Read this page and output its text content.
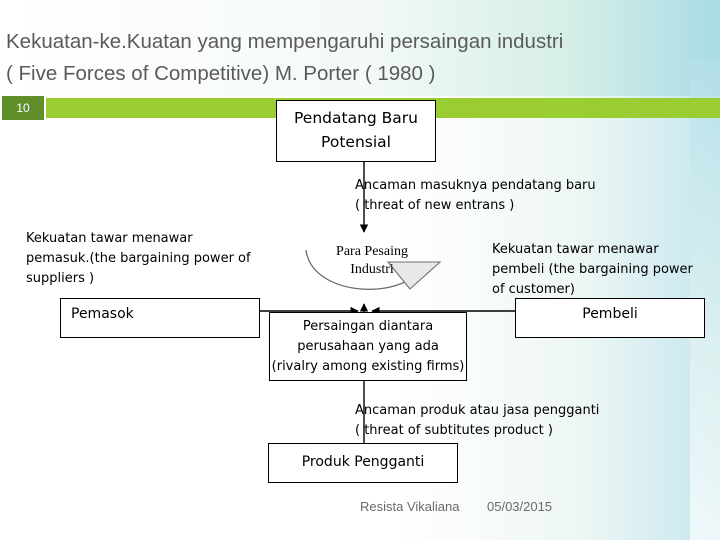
Kekuatan-ke.Kuatan yang mempengaruhi persaingan industri
( Five Forces of Competitive) M. Porter ( 1980 )
10
Pendatang Baru
Potensial
Ancaman masuknya pendatang baru
( threat of new entrans )
Kekuatan tawar menawar
pemasuk.(the bargaining power of
suppliers )
Para Pesaing
Industri
Kekuatan tawar menawar
pembeli (the bargaining power
of customer)
Pemasok	Pembeli
Persaingan diantara
perusahaan yang ada
(rivalry among existing firms)
Ancaman produk atau jasa pengganti
( threat of subtitutes product )
Produk Pengganti
Resista Vikaliana 05/03/2015
